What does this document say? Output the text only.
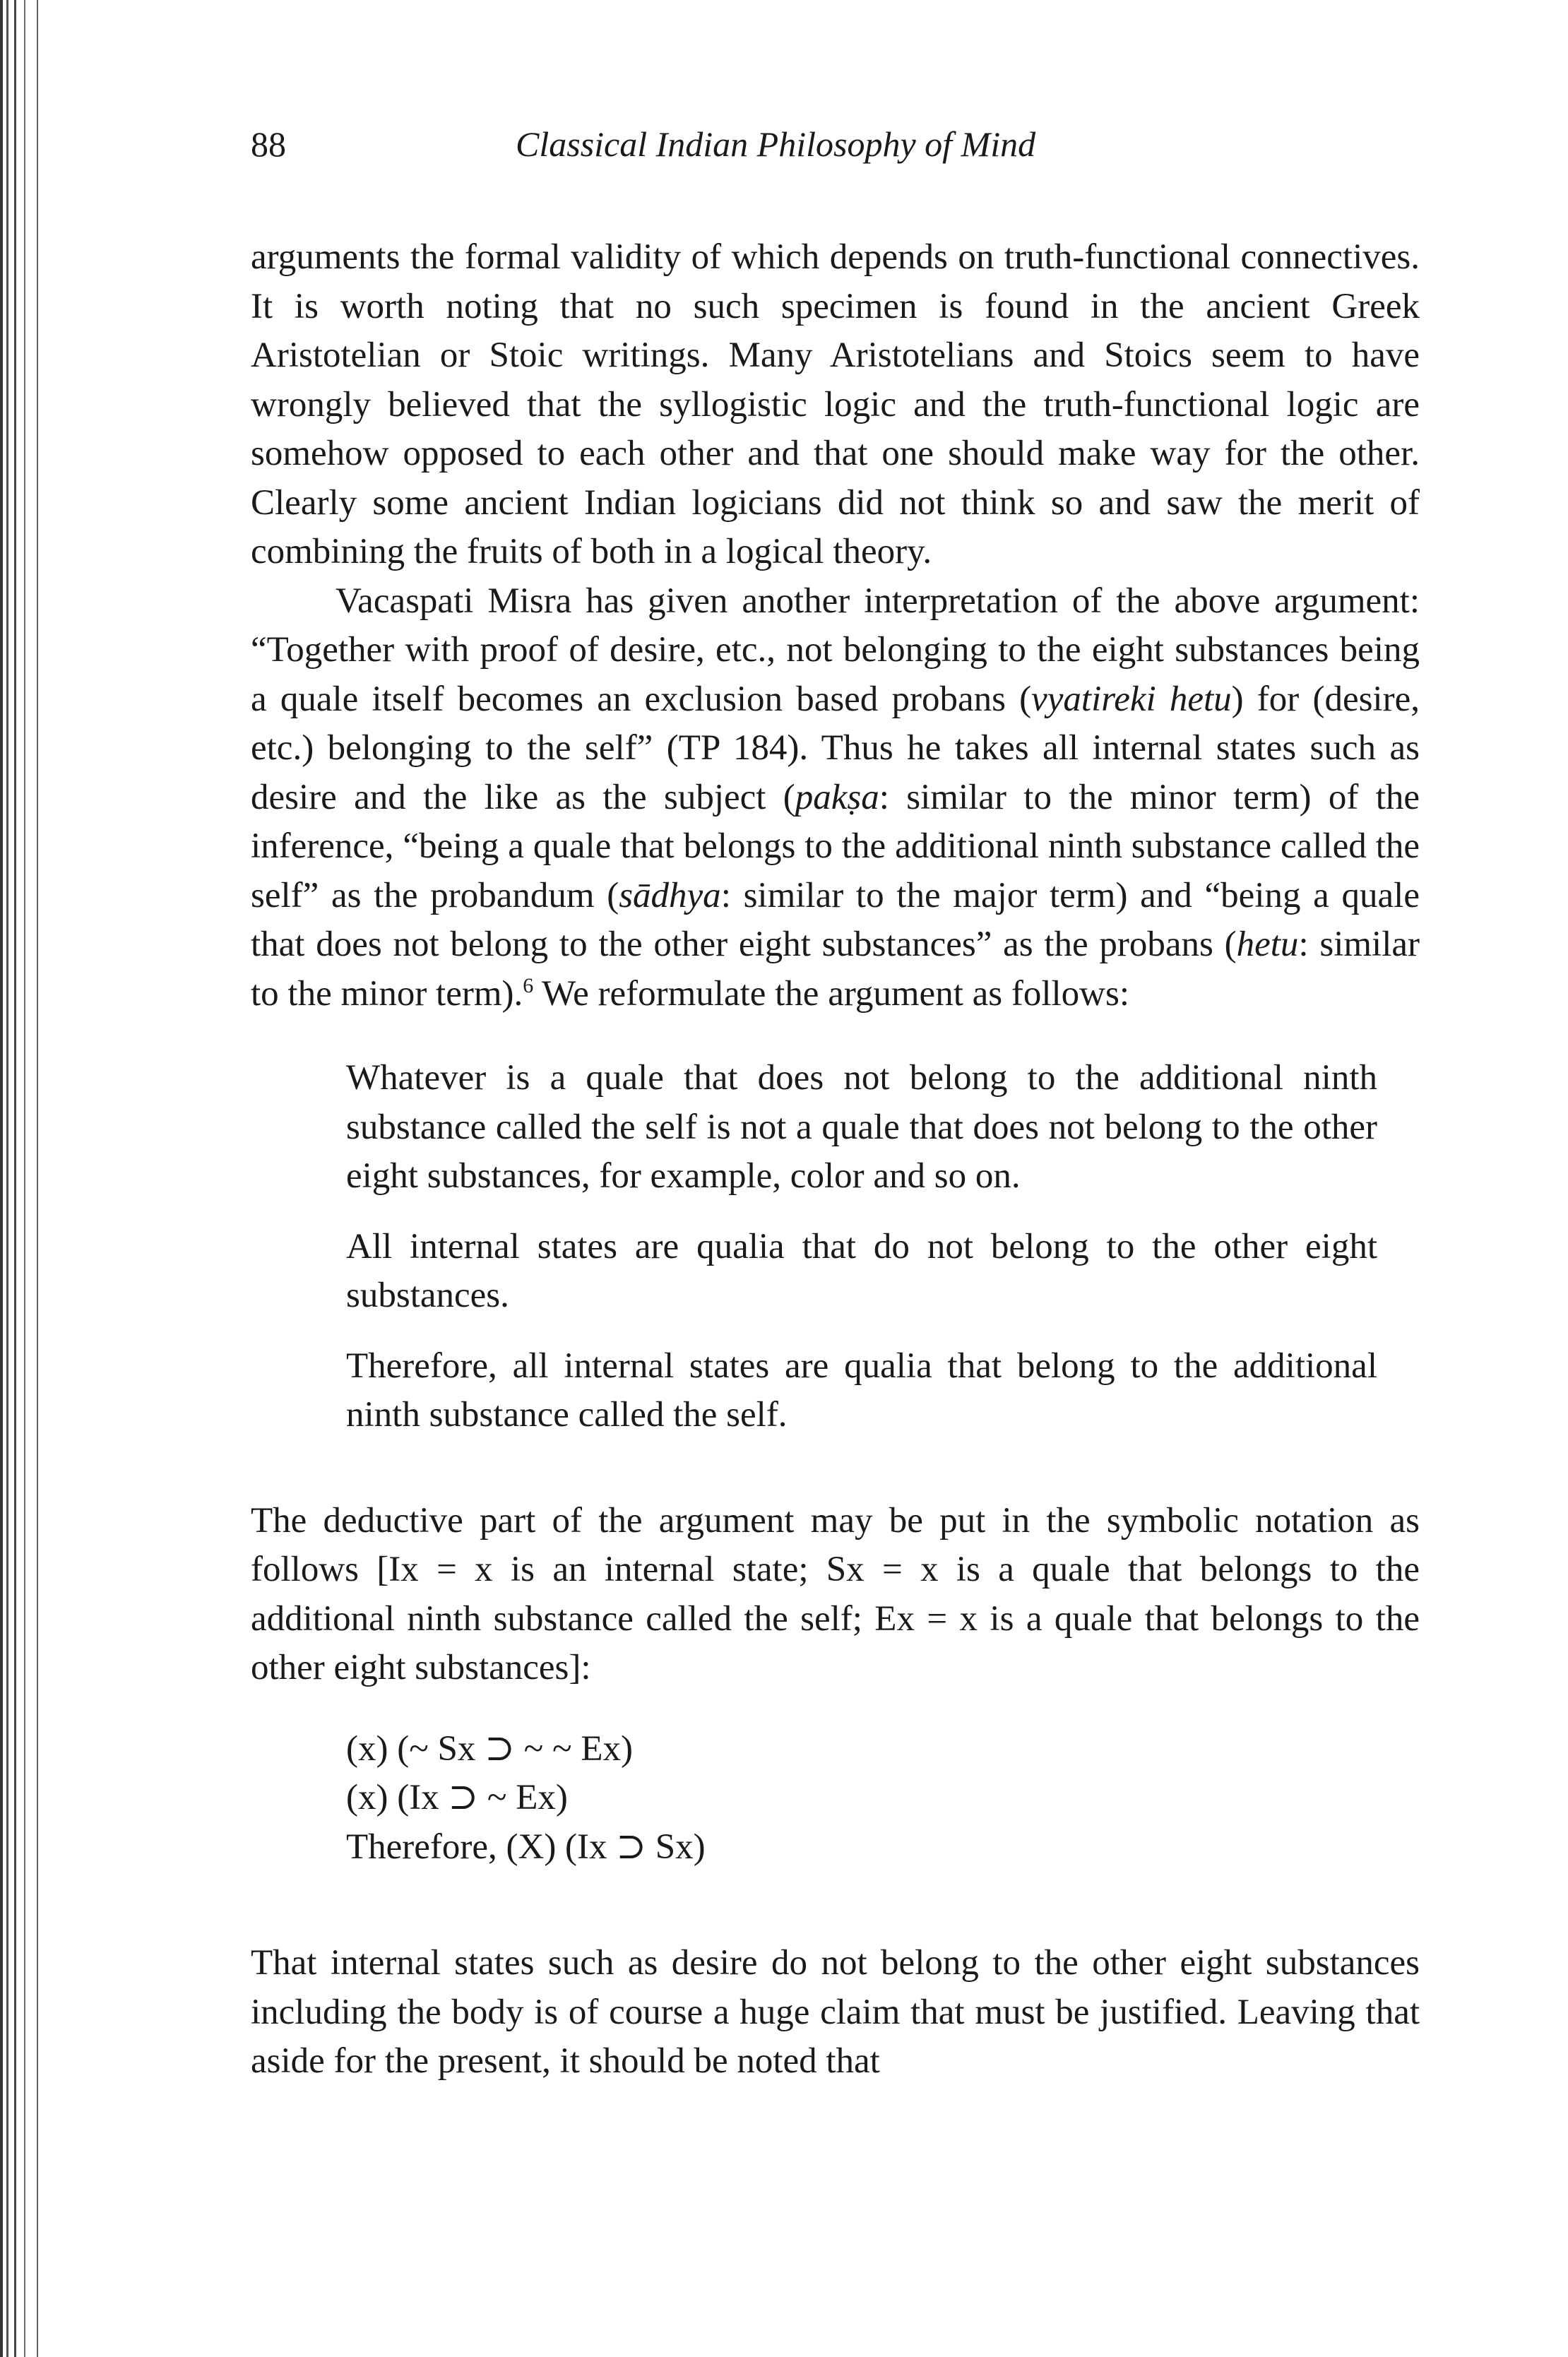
88	Classical Indian Philosophy of Mind

arguments the formal validity of which depends on truth-functional connectives. It is worth noting that no such specimen is found in the ancient Greek Aristotelian or Stoic writings. Many Aristotelians and Stoics seem to have wrongly believed that the syllogistic logic and the truth-functional logic are somehow opposed to each other and that one should make way for the other. Clearly some ancient Indian logicians did not think so and saw the merit of combining the fruits of both in a logical theory.

Vacaspati Misra has given another interpretation of the above argument: “Together with proof of desire, etc., not belonging to the eight substances being a quale itself becomes an exclusion based probans (vyatireki hetu) for (desire, etc.) belonging to the self” (TP 184). Thus he takes all internal states such as desire and the like as the subject (pakṣa: similar to the minor term) of the inference, “being a quale that belongs to the additional ninth substance called the self” as the probandum (sādhya: similar to the major term) and “being a quale that does not belong to the other eight substances” as the probans (hetu: similar to the minor term).$^6$ We reformulate the argument as follows:

Whatever is a quale that does not belong to the additional ninth substance called the self is not a quale that does not belong to the other eight substances, for example, color and so on.

All internal states are qualia that do not belong to the other eight substances.

Therefore, all internal states are qualia that belong to the additional ninth substance called the self.

The deductive part of the argument may be put in the symbolic notation as follows [Ix = x is an internal state; Sx = x is a quale that belongs to the additional ninth substance called the self; Ex = x is a quale that belongs to the other eight substances]:

(x) (~ Sx ⊃ ~ ~ Ex)
(x) (Ix ⊃ ~ Ex)
Therefore, (X) (Ix ⊃ Sx)

That internal states such as desire do not belong to the other eight substances including the body is of course a huge claim that must be justified. Leaving that aside for the present, it should be noted that
